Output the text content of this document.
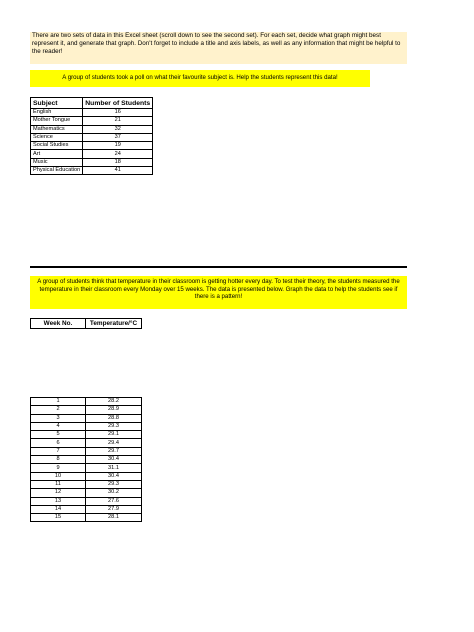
There are two sets of data in this Excel sheet (scroll down to see the second set). For each set, decide what graph might best represent it, and generate that graph. Don't forget to include a title and axis labels, as well as any information that might be helpful to the reader!
A group of students took a poll on what their favourite subject is. Help the students represent this data!
Subject	Number of Students
English	16
Mother Tongue	21
Mathematics	32
Science	37
Social Studies	19
Art	24
Music	18
Physical Education	41
A group of students think that temperature in their classroom is getting hotter every day. To test their theory, the students measured the temperature in their classroom every Monday over 15 weeks. The data is presented below. Graph the data to help the students see if there is a pattern!
Week No.	Temperature/°C
1	28.2
2	28.9
3	28.8
4	29.3
5	29.1
6	29.4
7	29.7
8	30.4
9	31.1
10	30.4
11	29.3
12	30.2
13	27.6
14	27.9
15	28.1
